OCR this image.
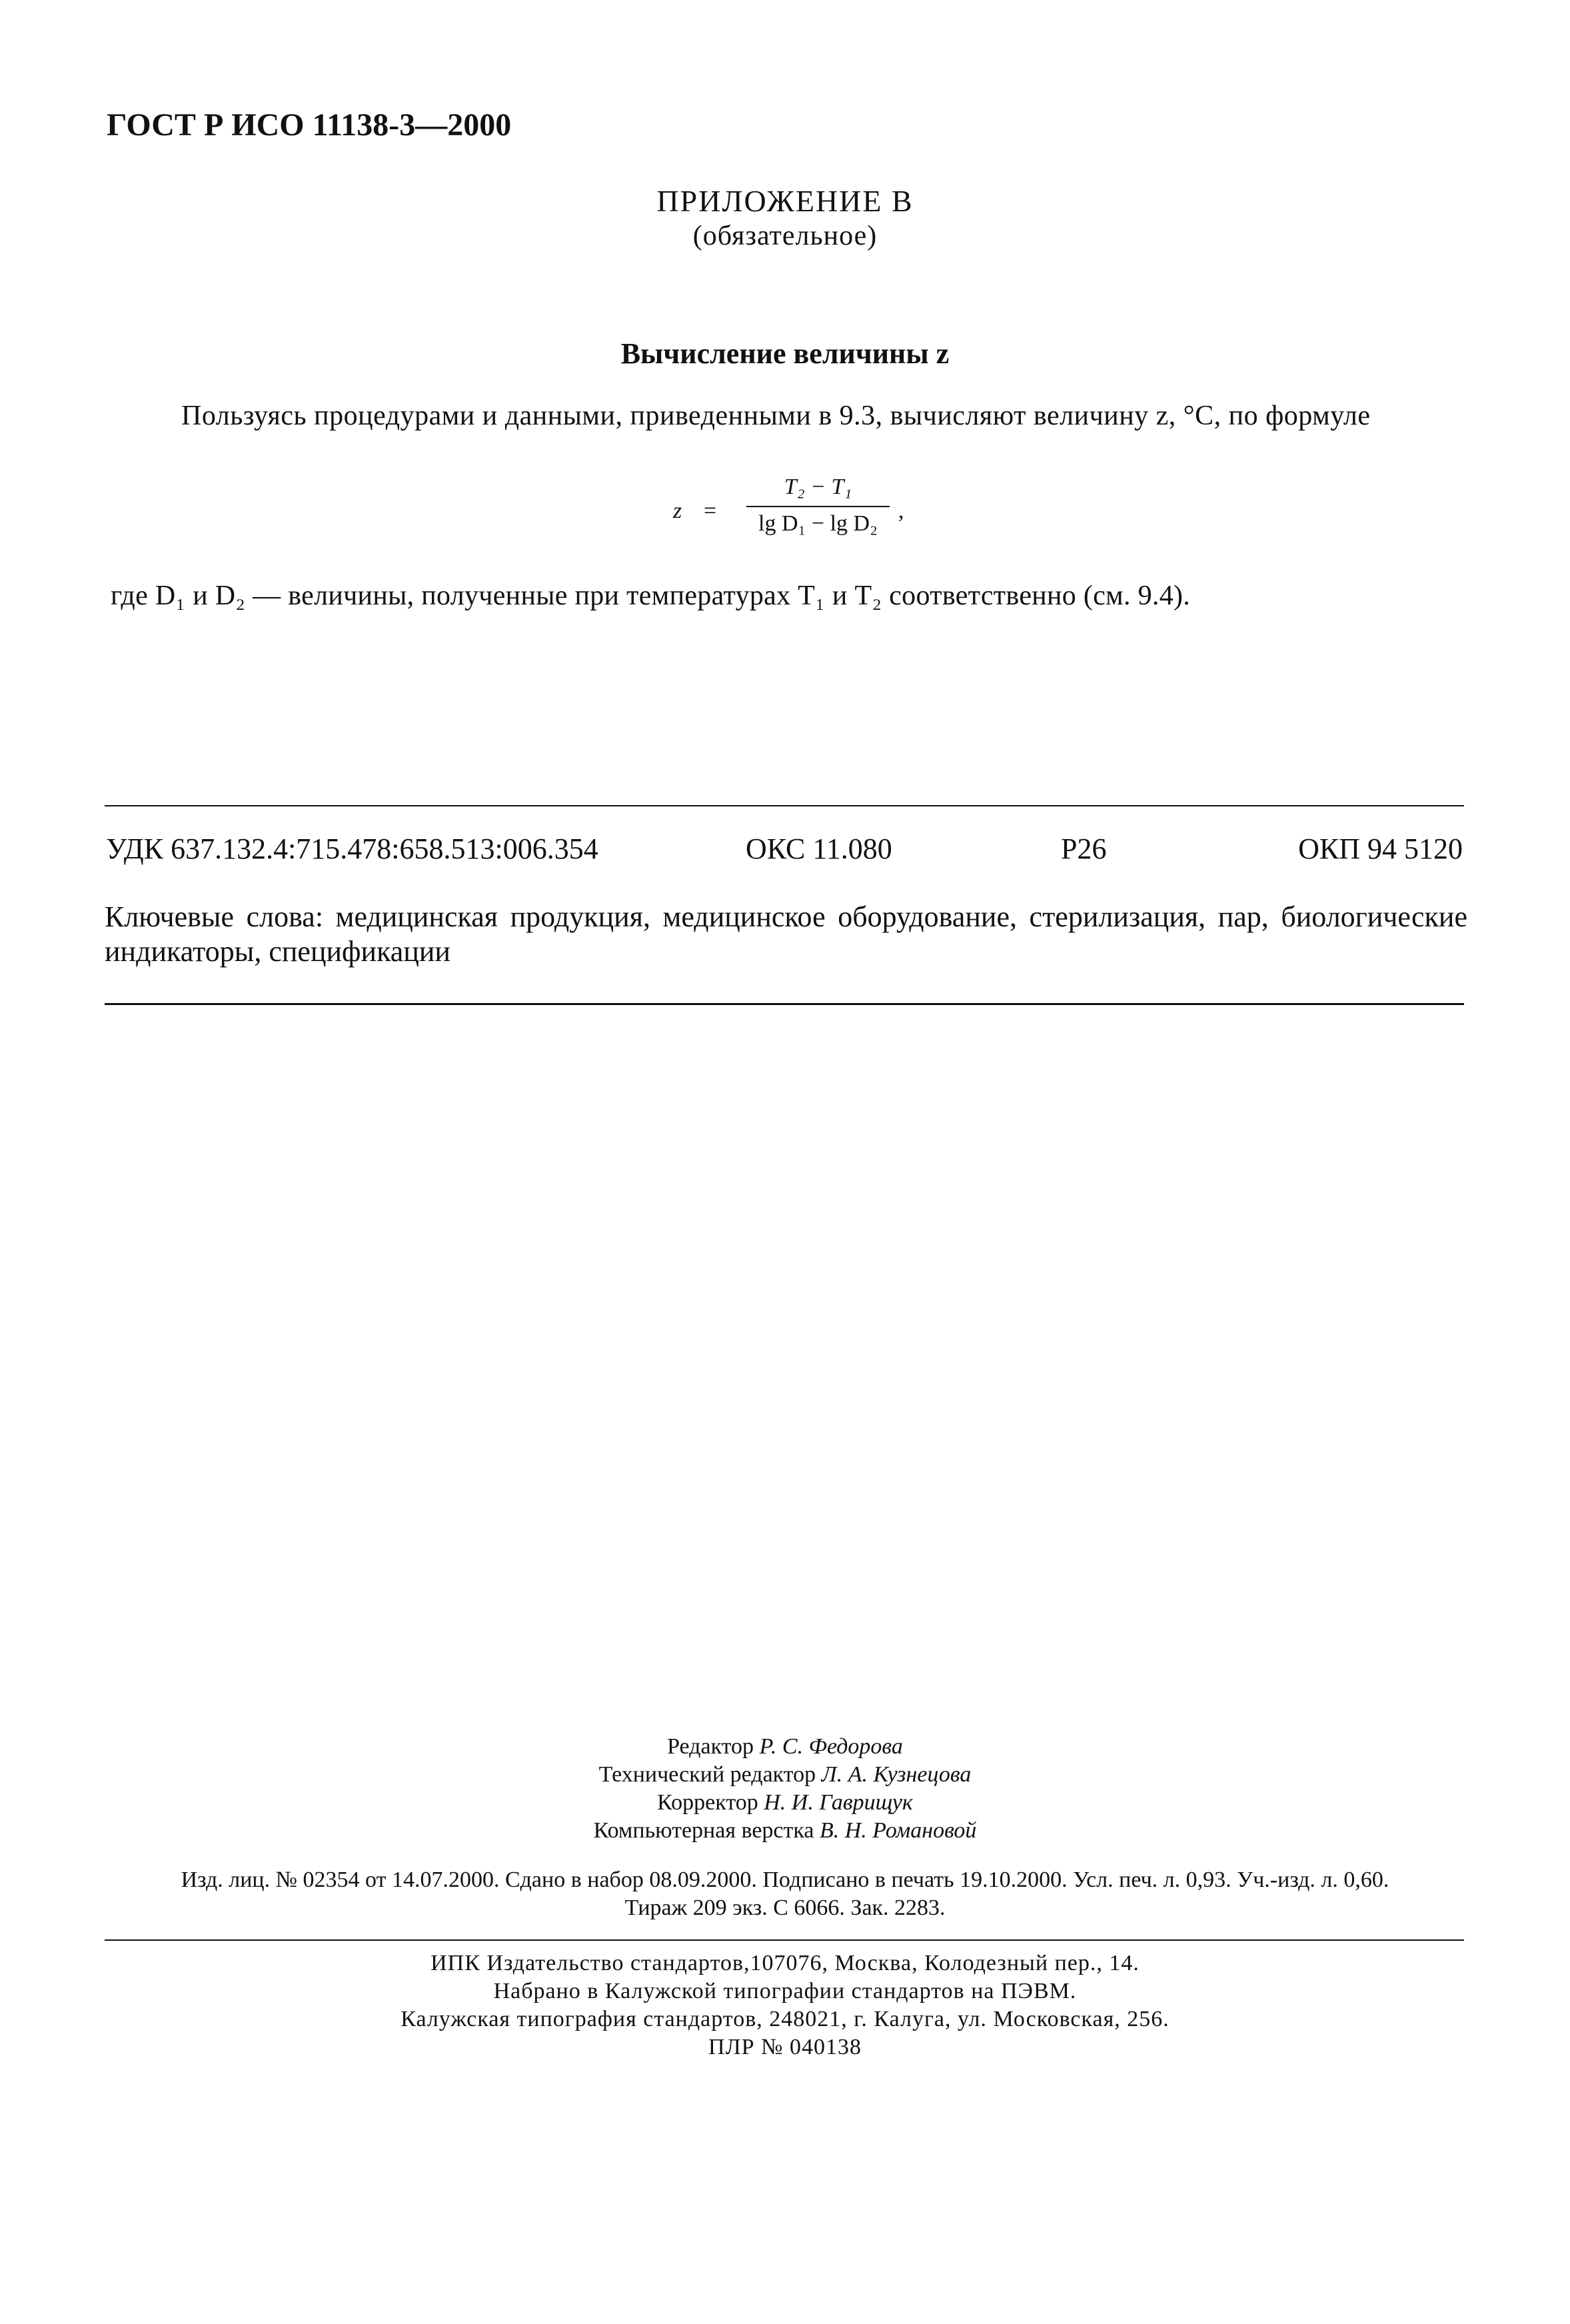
ГОСТ Р ИСО 11138-3—2000
ПРИЛОЖЕНИЕ В
(обязательное)
Вычисление величины z
Пользуясь процедурами и данными, приведенными в 9.3, вычисляют величину z, °С, по формуле
z =
T₂ − T₁
lg D₁ − lg D₂
,
где D₁ и D₂ — величины, полученные при температурах T₁ и T₂ соответственно (см. 9.4).
УДК 637.132.4:715.478:658.513:006.354	ОКС 11.080	Р26	ОКП 94 5120
Ключевые слова: медицинская продукция, медицинское оборудование, стерилизация, пар, биологические индикаторы, спецификации
Редактор Р. С. Федорова
Технический редактор Л. А. Кузнецова
Корректор Н. И. Гаврищук
Компьютерная верстка В. Н. Романовой
Изд. лиц. № 02354 от 14.07.2000. Сдано в набор 08.09.2000. Подписано в печать 19.10.2000. Усл. печ. л. 0,93. Уч.-изд. л. 0,60.
Тираж 209 экз. С 6066. Зак. 2283.
ИПК Издательство стандартов,107076, Москва, Колодезный пер., 14.
Набрано в Калужской типографии стандартов на ПЭВМ.
Калужская типография стандартов, 248021, г. Калуга, ул. Московская, 256.
ПЛР № 040138
